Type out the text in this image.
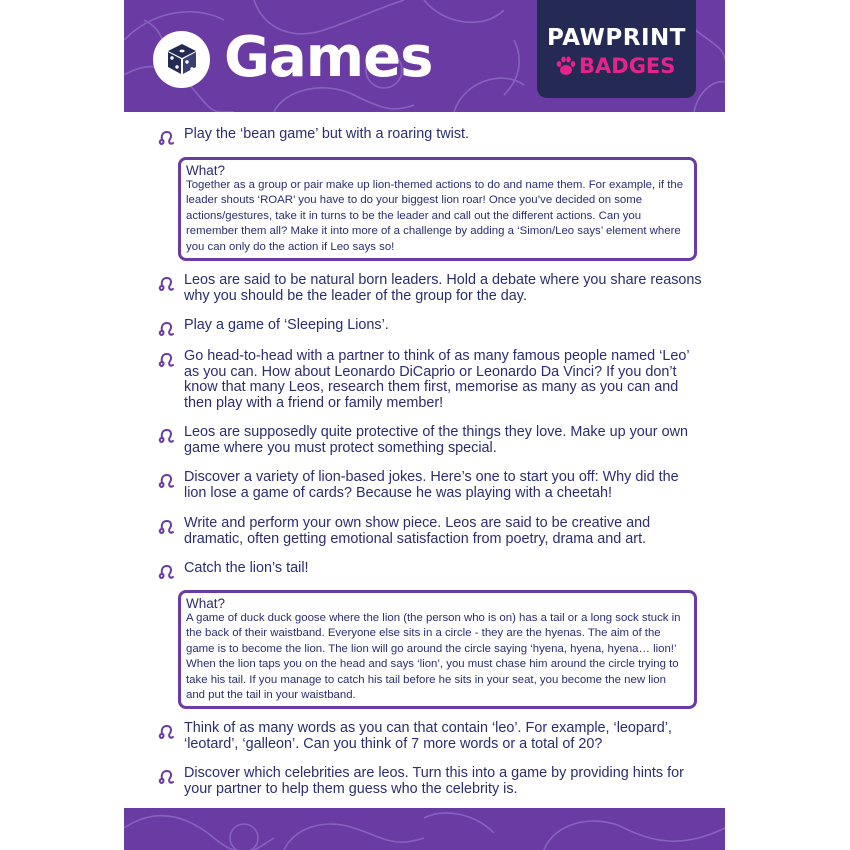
Games	PAWPRINT
BADGES
Play the ‘bean game’ but with a roaring twist.
What?
Together as a group or pair make up lion-themed actions to do and name them. For example, if the leader shouts ‘ROAR’ you have to do your biggest lion roar! Once you’ve decided on some actions/gestures, take it in turns to be the leader and call out the different actions. Can you remember them all? Make it into more of a challenge by adding a ‘Simon/Leo says’ element where you can only do the action if Leo says so!
Leos are said to be natural born leaders. Hold a debate where you share reasons why you should be the leader of the group for the day.
Play a game of ‘Sleeping Lions’.
Go head-to-head with a partner to think of as many famous people named ‘Leo’ as you can. How about Leonardo DiCaprio or Leonardo Da Vinci? If you don’t know that many Leos, research them first, memorise as many as you can and then play with a friend or family member!
Leos are supposedly quite protective of the things they love. Make up your own game where you must protect something special.
Discover a variety of lion-based jokes. Here’s one to start you off: Why did the lion lose a game of cards? Because he was playing with a cheetah!
Write and perform your own show piece. Leos are said to be creative and dramatic, often getting emotional satisfaction from poetry, drama and art.
Catch the lion’s tail!
What?
A game of duck duck goose where the lion (the person who is on) has a tail or a long sock stuck in the back of their waistband. Everyone else sits in a circle - they are the hyenas. The aim of the game is to become the lion. The lion will go around the circle saying ‘hyena, hyena, hyena… lion!’ When the lion taps you on the head and says ‘lion’, you must chase him around the circle trying to take his tail. If you manage to catch his tail before he sits in your seat, you become the new lion and put the tail in your waistband.
Think of as many words as you can that contain ‘leo’. For example, ‘leopard’, ‘leotard’, ‘galleon’. Can you think of 7 more words or a total of 20?
Discover which celebrities are leos. Turn this into a game by providing hints for your partner to help them guess who the celebrity is.
